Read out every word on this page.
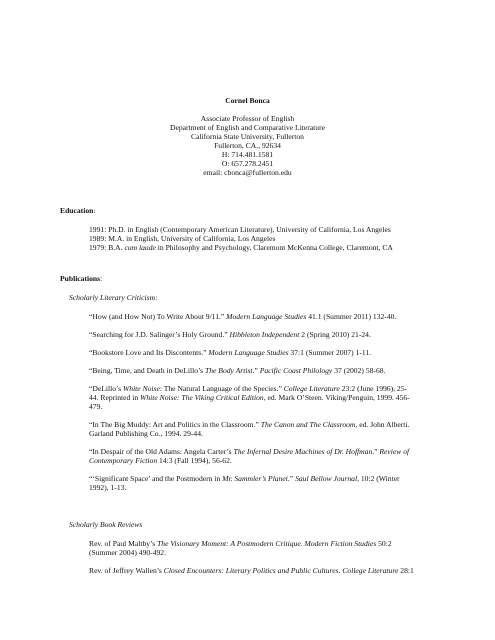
Cornel Bonca
Associate Professor of English
Department of English and Comparative Literature
California State University, Fullerton
Fullerton, CA., 92634
H: 714.481.1581
O: 657.278.2451
email: cbonca@fullerton.edu
Education:
1991: Ph.D. in English (Contemporary American Literature), University of California, Los Angeles
1989: M.A. in English, University of California, Los Angeles
1979: B.A. cum laude in Philosophy and Psychology, Claremont McKenna College, Claremont, CA
Publications:
Scholarly Literary Criticism:
“How (and How Not) To Write About 9/11.” Modern Language Studies 41.1 (Summer 2011) 132-40.
“Searching for J.D. Salinger’s Holy Ground.” Hibbleton Independent 2 (Spring 2010) 21-24.
“Bookstore Love and Its Discontents.” Modern Language Studies 37:1 (Summer 2007) 1-11.
“Being, Time, and Death in DeLillo’s The Body Artist.” Pacific Coast Philology 37 (2002) 58-68.
“DeLillo’s White Noise: The Natural Language of the Species.” College Literature 23:2 (June 1996), 25-
44. Reprinted in White Noise: The Viking Critical Edition, ed. Mark O’Steen. Viking/Penguin, 1999. 456-
479.
“In The Big Muddy: Art and Politics in the Classroom.” The Canon and The Classroom, ed. John Alberti.
Garland Publishing Co., 1994. 29-44.
“In Despair of the Old Adams: Angela Carter’s The Infernal Desire Machines of Dr. Hoffman.” Review of
Contemporary Fiction 14:3 (Fall 1994), 56-62.
“‘Significant Space’ and the Postmodern in Mr. Sammler’s Planet.” Saul Bellow Journal, 10:2 (Winter
1992), 1-13.
Scholarly Book Reviews
Rev. of Paul Maltby’s The Visionary Moment: A Postmodern Critique. Modern Fiction Studies 50:2
(Summer 2004) 490-492.
Rev. of Jeffrey Wallen’s Closed Encounters: Literary Politics and Public Cultures. College Literature 28:1
